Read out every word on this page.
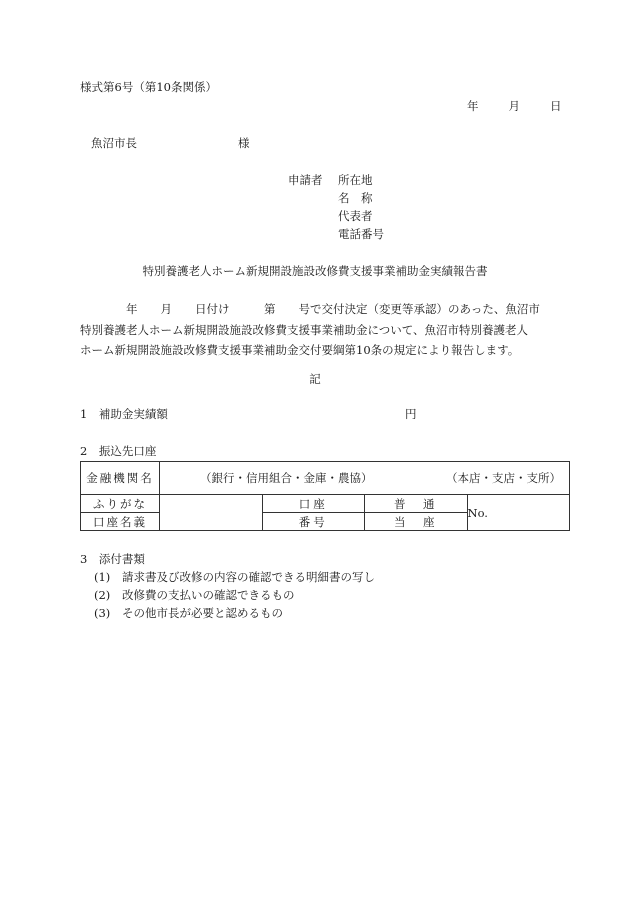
様式第6号（第10条関係）
年	月	日
魚沼市長	様
申請者 所在地
名　称
代表者
電話番号
特別養護老人ホーム新規開設施設改修費支援事業補助金実績報告書
　　　　年　　月　　日付け　　　第　　号で交付決定（変更等承認）のあった、魚沼市
特別養護老人ホーム新規開設施設改修費支援事業補助金について、魚沼市特別養護老人
ホーム新規開設施設改修費支援事業補助金交付要綱第10条の規定により報告します。
記
1　補助金実績額	円
2　振込先口座
金融機関名	（銀行・信用組合・金庫・農協） （本店・支店・支所）			

ふりがな		口座	普　通	No.
口座名義		番号	当　座	
3　添付書類
(1) 請求書及び改修の内容の確認できる明細書の写し
(2) 改修費の支払いの確認できるもの
(3) その他市長が必要と認めるもの
